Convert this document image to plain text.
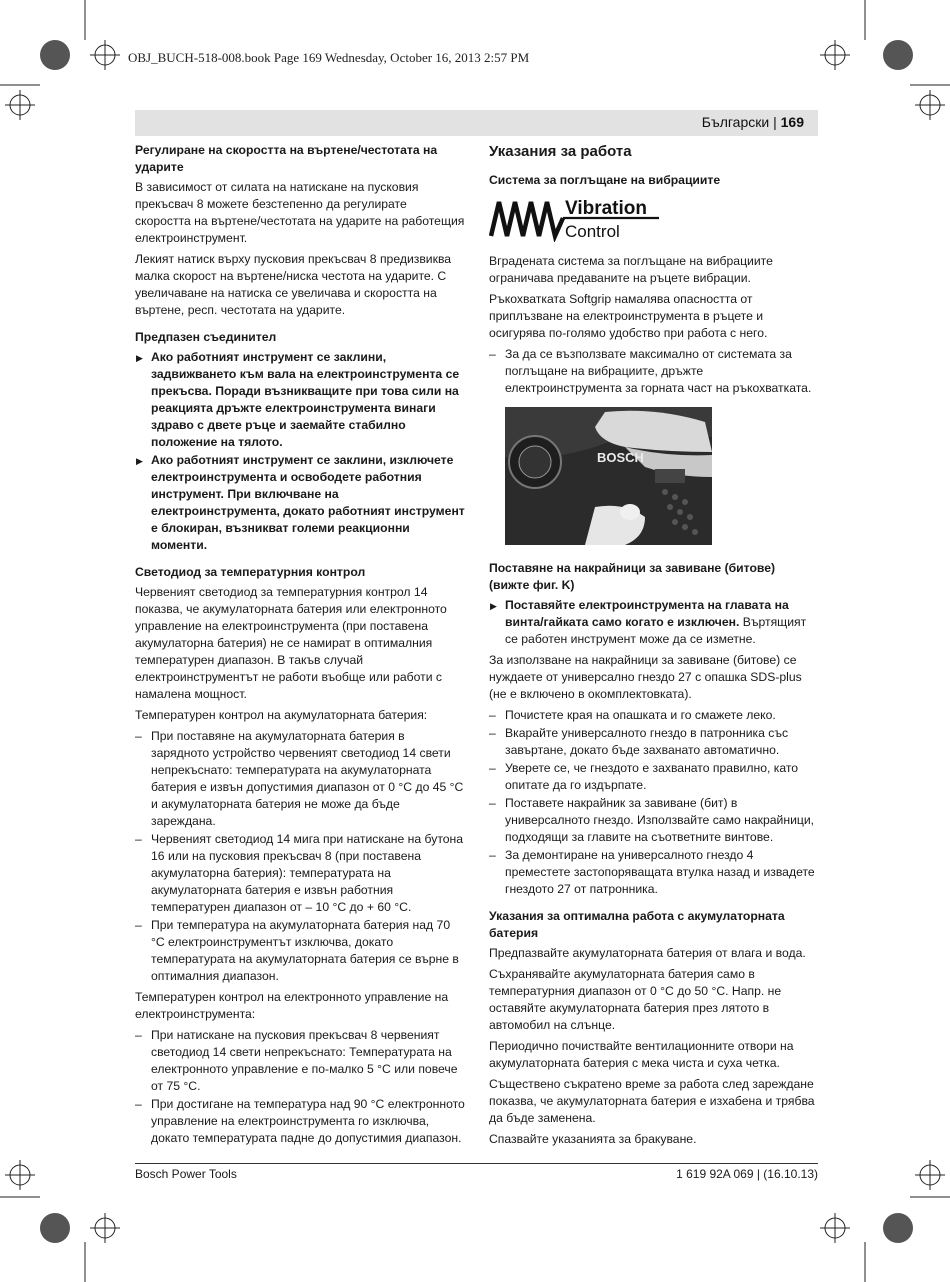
OBJ_BUCH-518-008.book Page 169 Wednesday, October 16, 2013 2:57 PM
Български | 169
Регулиране на скоростта на въртене/честотата на ударите

В зависимост от силата на натискане на пусковия прекъсвач 8 можете безстепенно да регулирате скоростта на въртене/честотата на ударите на работещия електроинструмент.

Лекият натиск върху пусковия прекъсвач 8 предизвиква малка скорост на въртене/ниска честота на ударите. С увеличаване на натиска се увеличава и скоростта на въртене, респ. честотата на ударите.

Предпазен съединител
▶ Ако работният инструмент се заклини, задвижването към вала на електроинструмента се прекъсва. Поради възникващите при това сили на реакцията дръжте електроинструмента винаги здраво с двете ръце и заемайте стабилно положение на тялото.
▶ Ако работният инструмент се заклини, изключете електроинструмента и освободете работния инструмент. При включване на електроинструмента, докато работният инструмент е блокиран, възникват големи реакционни моменти.
Светодиод за температурния контрол

Червеният светодиод за температурния контрол 14 показва, че акумулаторната батерия или електронното управление на електроинструмента (при поставена акумулаторна батерия) не се намират в оптималния температурен диапазон. В такъв случай електроинструментът не работи въобще или работи с намалена мощност.

Температурен контрол на акумулаторната батерия:

– При поставяне на акумулаторната батерия в зарядното устройство червеният светодиод 14 свети непрекъснато: температурата на акумулаторната батерия е извън допустимия диапазон от 0 °C до 45 °C и акумулаторната батерия не може да бъде зареждана.
– Червеният светодиод 14 мига при натискане на бутона 16 или на пусковия прекъсвач 8 (при поставена акумулаторна батерия): температурата на акумулаторната батерия е извън работния температурен диапазон от – 10 °C до + 60 °C.
– При температура на акумулаторната батерия над 70 °C електроинструментът изключва, докато температурата на акумулаторната батерия се върне в оптималния диапазон.

Температурен контрол на електронното управление на електроинструмента:

– При натискане на пусковия прекъсвач 8 червеният светодиод 14 свети непрекъснато: Температурата на електронното управление е по-малко 5 °C или повече от 75 °C.
– При достигане на температура над 90 °C електронното управление на електроинструмента го изключва, докато температурата падне до допустимия диапазон.
Указания за работа
Система за поглъщане на вибрациите
Vibration
Control

Вградената система за поглъщане на вибрациите ограничава предаваните на ръцете вибрации.

Ръкохватката Softgrip намалява опасността от приплъзване на електроинструмента в ръцете и осигурява по-голямо удобство при работа с него.

– За да се възползвате максимално от системата за поглъщане на вибрациите, дръжте електроинструмента за горната част на ръкохватката.
BOSCH
Поставяне на накрайници за завиване (битове) (вижте фиг. K)
▶ Поставяйте електроинструмента на главата на винта/гайката само когато е изключен. Въртящият се работен инструмент може да се изметне.

За използване на накрайници за завиване (битове) се нуждаете от универсално гнездо 27 с опашка SDS-plus (не е включено в окомплектовката).

– Почистете края на опашката и го смажете леко.
– Вкарайте универсалното гнездо в патронника със завъртане, докато бъде захванато автоматично.
– Уверете се, че гнездото е захванато правилно, като опитате да го издърпате.
– Поставете накрайник за завиване (бит) в универсалното гнездо. Използвайте само накрайници, подходящи за главите на съответните винтове.
– За демонтиране на универсалното гнездо 4 преместете застопоряващата втулка назад и извадете гнездото 27 от патронника.
Указания за оптимална работа с акумулаторната батерия

Предпазвайте акумулаторната батерия от влага и вода.

Съхранявайте акумулаторната батерия само в температурния диапазон от 0 °C до 50 °C. Напр. не оставяйте акумулаторната батерия през лятото в автомобил на слънце.

Периодично почиствайте вентилационните отвори на акумулаторната батерия с мека чиста и суха четка.

Съществено съкратено време за работа след зареждане показва, че акумулаторната батерия е изхабена и трябва да бъде заменена.

Спазвайте указанията за бракуване.

Bosch Power Tools	1 619 92A 069 | (16.10.13)
